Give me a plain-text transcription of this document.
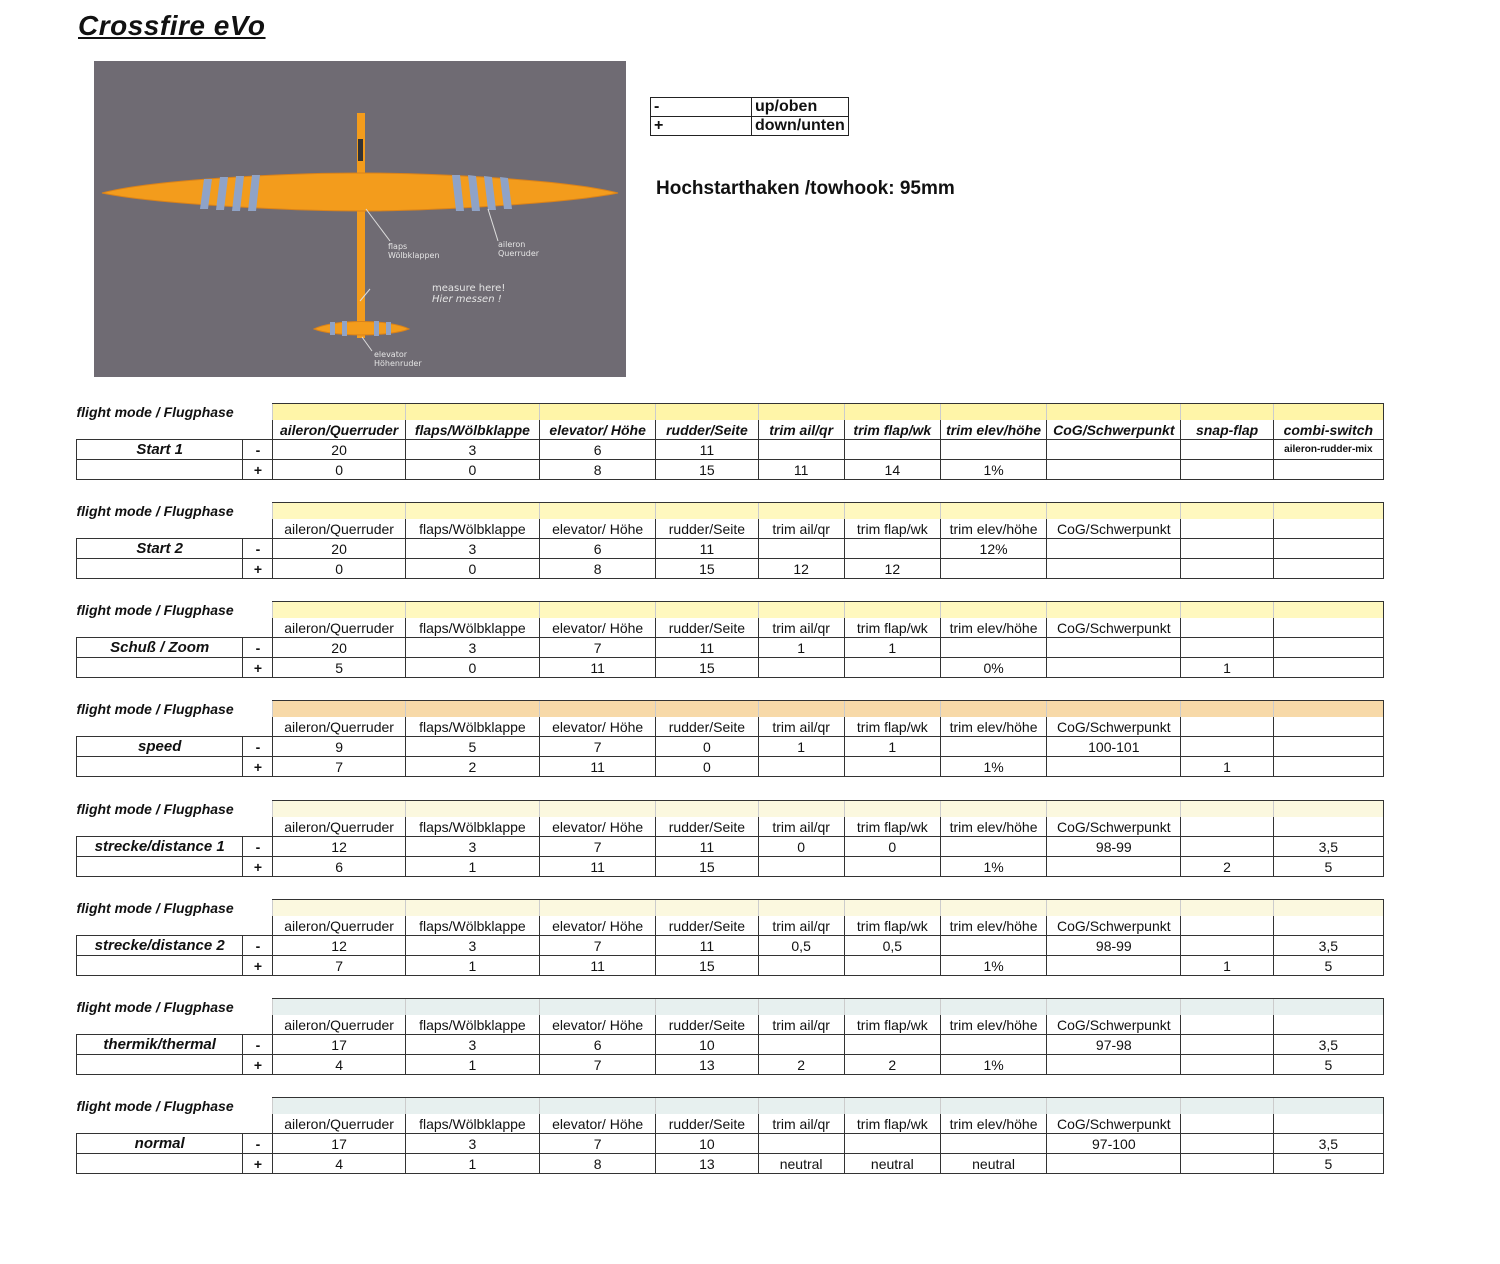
Crossfire eVo
flaps
Wölbklappen
aileron
Querruder
measure here!
Hier messen !
elevator
Höhenruder
-	up/oben
+	down/unten
Hochstarthaken /towhook: 95mm
flight mode / Flugphase											
		aileron/Querruder	flaps/Wölbklappe	elevator/ Höhe	rudder/Seite	trim ail/qr	trim flap/wk	trim elev/höhe	CoG/Schwerpunkt	snap-flap	combi-switch
Start 1	-	20	3	6	11						aileron-rudder-mix
	+	0	0	8	15	11	14	1%			
flight mode / Flugphase											
		aileron/Querruder	flaps/Wölbklappe	elevator/ Höhe	rudder/Seite	trim ail/qr	trim flap/wk	trim elev/höhe	CoG/Schwerpunkt		
Start 2	-	20	3	6	11			12%			
	+	0	0	8	15	12	12				
flight mode / Flugphase											
		aileron/Querruder	flaps/Wölbklappe	elevator/ Höhe	rudder/Seite	trim ail/qr	trim flap/wk	trim elev/höhe	CoG/Schwerpunkt		
Schuß / Zoom	-	20	3	7	11	1	1				
	+	5	0	11	15			0%		1	
flight mode / Flugphase											
		aileron/Querruder	flaps/Wölbklappe	elevator/ Höhe	rudder/Seite	trim ail/qr	trim flap/wk	trim elev/höhe	CoG/Schwerpunkt		
speed	-	9	5	7	0	1	1		100-101		
	+	7	2	11	0			1%		1	
flight mode / Flugphase											
		aileron/Querruder	flaps/Wölbklappe	elevator/ Höhe	rudder/Seite	trim ail/qr	trim flap/wk	trim elev/höhe	CoG/Schwerpunkt		
strecke/distance 1	-	12	3	7	11	0	0		98-99		3,5
	+	6	1	11	15			1%		2	5
flight mode / Flugphase											
		aileron/Querruder	flaps/Wölbklappe	elevator/ Höhe	rudder/Seite	trim ail/qr	trim flap/wk	trim elev/höhe	CoG/Schwerpunkt		
strecke/distance 2	-	12	3	7	11	0,5	0,5		98-99		3,5
	+	7	1	11	15			1%		1	5
flight mode / Flugphase											
		aileron/Querruder	flaps/Wölbklappe	elevator/ Höhe	rudder/Seite	trim ail/qr	trim flap/wk	trim elev/höhe	CoG/Schwerpunkt		
thermik/thermal	-	17	3	6	10				97-98		3,5
	+	4	1	7	13	2	2	1%			5
flight mode / Flugphase											
		aileron/Querruder	flaps/Wölbklappe	elevator/ Höhe	rudder/Seite	trim ail/qr	trim flap/wk	trim elev/höhe	CoG/Schwerpunkt		
normal	-	17	3	7	10				97-100		3,5
	+	4	1	8	13	neutral	neutral	neutral			5
